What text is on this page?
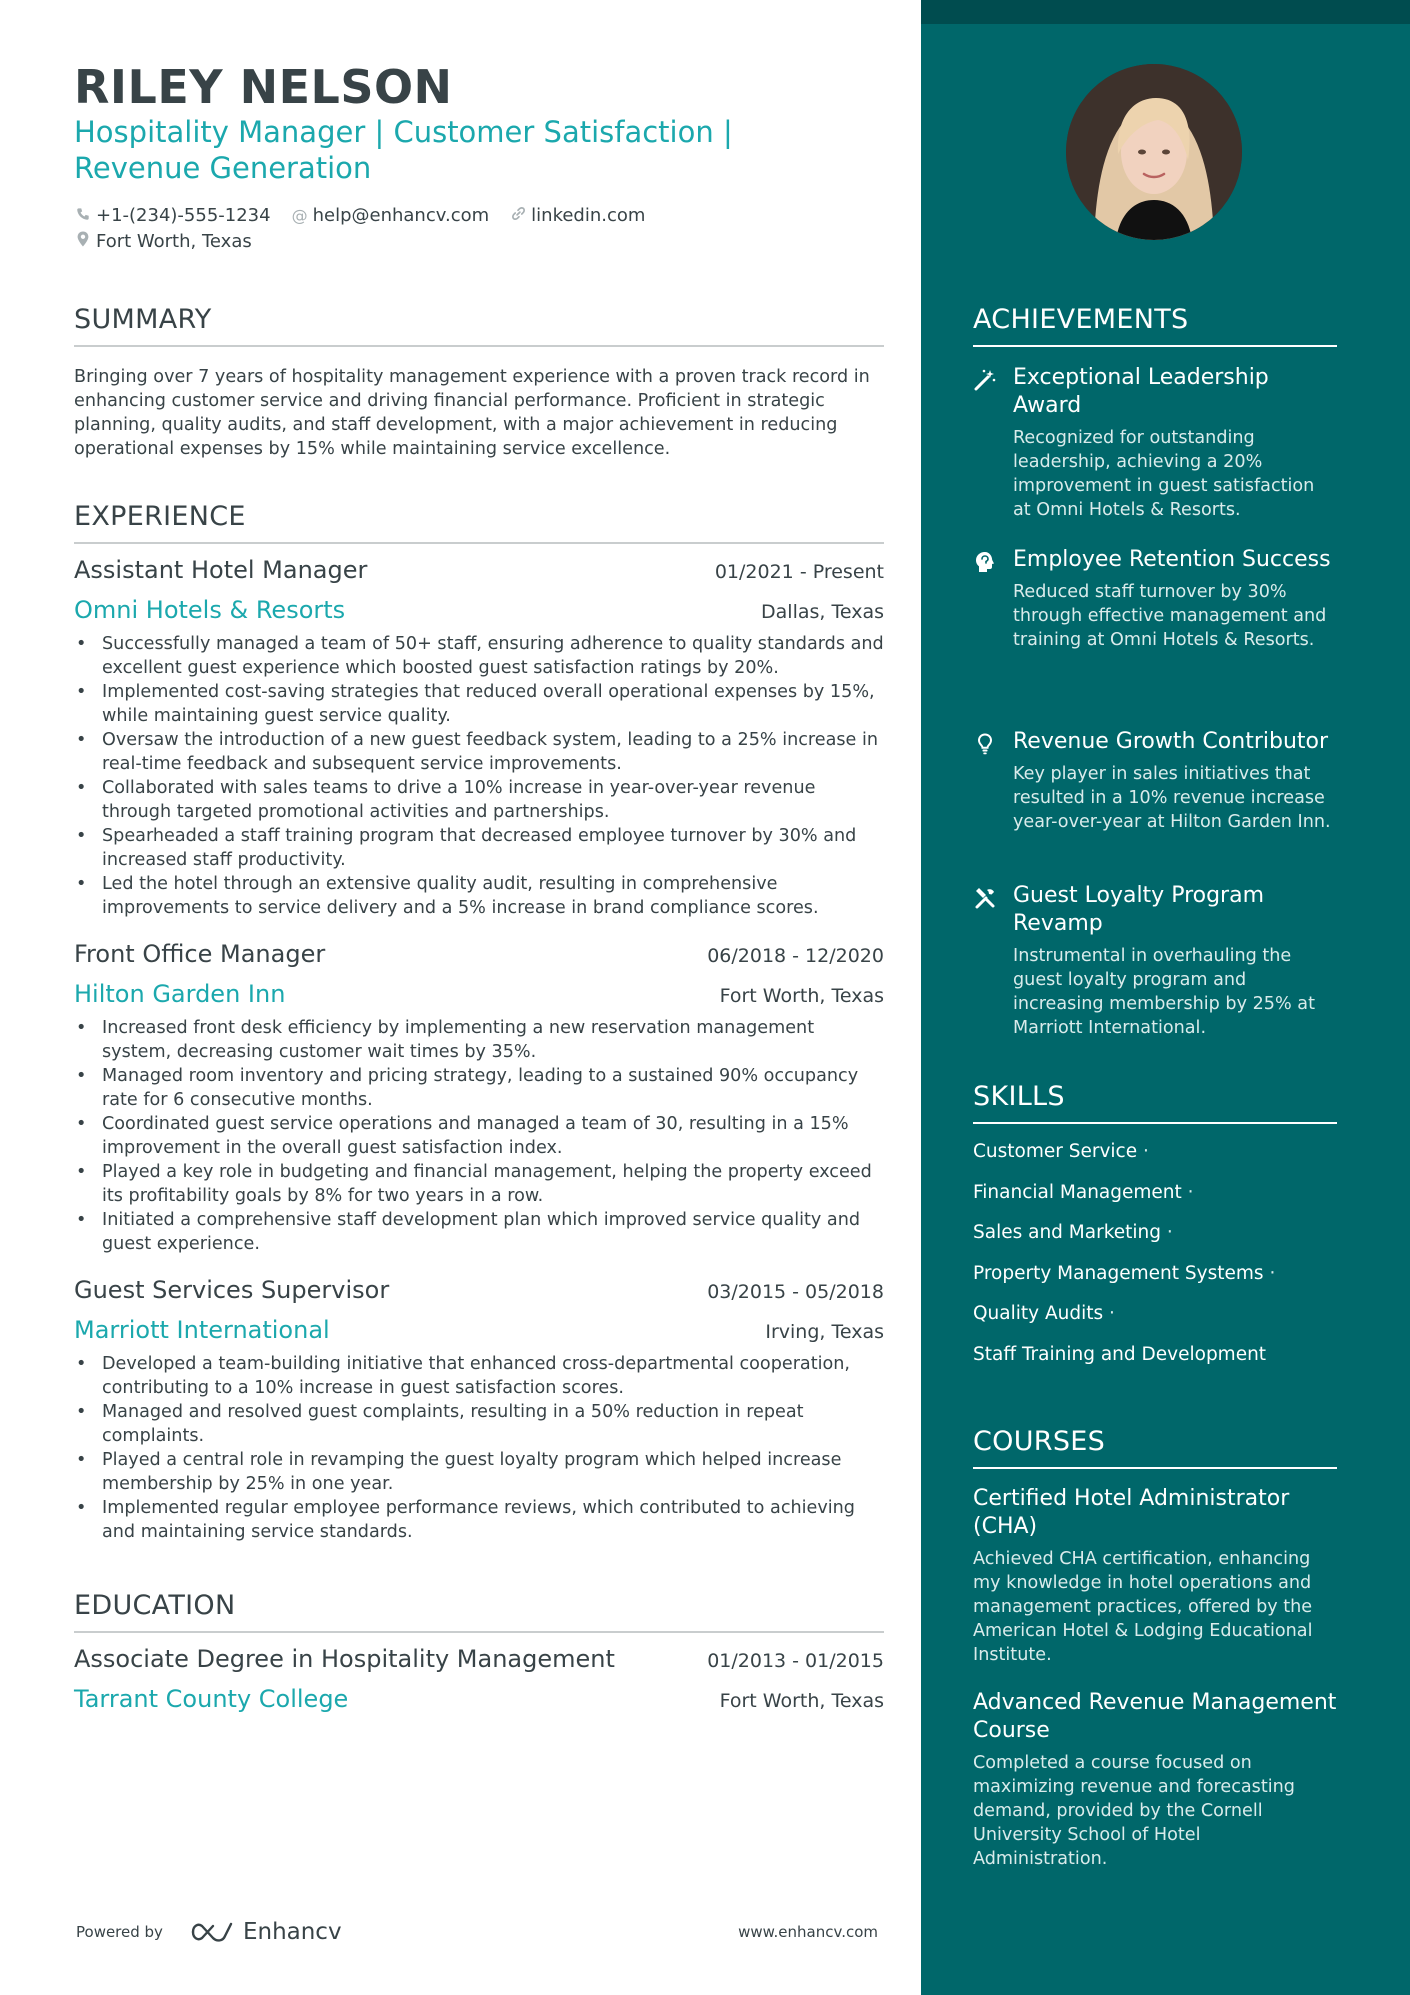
RILEY NELSON
Hospitality Manager | Customer Satisfaction | Revenue Generation
+1-(234)-555-1234 @ help@enhancv.com linkedin.com
Fort Worth, Texas
SUMMARY
Bringing over 7 years of hospitality management experience with a proven track record in enhancing customer service and driving financial performance. Proficient in strategic planning, quality audits, and staff development, with a major achievement in reducing operational expenses by 15% while maintaining service excellence.
EXPERIENCE
Assistant Hotel Manager	01/2021 - Present
Omni Hotels & Resorts	Dallas, Texas
• Successfully managed a team of 50+ staff, ensuring adherence to quality standards and excellent guest experience which boosted guest satisfaction ratings by 20%.
• Implemented cost-saving strategies that reduced overall operational expenses by 15%, while maintaining guest service quality.
• Oversaw the introduction of a new guest feedback system, leading to a 25% increase in real-time feedback and subsequent service improvements.
• Collaborated with sales teams to drive a 10% increase in year-over-year revenue through targeted promotional activities and partnerships.
• Spearheaded a staff training program that decreased employee turnover by 30% and increased staff productivity.
• Led the hotel through an extensive quality audit, resulting in comprehensive improvements to service delivery and a 5% increase in brand compliance scores.
Front Office Manager	06/2018 - 12/2020
Hilton Garden Inn	Fort Worth, Texas
• Increased front desk efficiency by implementing a new reservation management system, decreasing customer wait times by 35%.
• Managed room inventory and pricing strategy, leading to a sustained 90% occupancy rate for 6 consecutive months.
• Coordinated guest service operations and managed a team of 30, resulting in a 15% improvement in the overall guest satisfaction index.
• Played a key role in budgeting and financial management, helping the property exceed its profitability goals by 8% for two years in a row.
• Initiated a comprehensive staff development plan which improved service quality and guest experience.
Guest Services Supervisor	03/2015 - 05/2018
Marriott International	Irving, Texas
• Developed a team-building initiative that enhanced cross-departmental cooperation, contributing to a 10% increase in guest satisfaction scores.
• Managed and resolved guest complaints, resulting in a 50% reduction in repeat complaints.
• Played a central role in revamping the guest loyalty program which helped increase membership by 25% in one year.
• Implemented regular employee performance reviews, which contributed to achieving and maintaining service standards.
EDUCATION
Associate Degree in Hospitality Management	01/2013 - 01/2015
Tarrant County College	Fort Worth, Texas
Powered by	Enhancv	www.enhancv.com
ACHIEVEMENTS
Exceptional Leadership Award
Recognized for outstanding leadership, achieving a 20% improvement in guest satisfaction at Omni Hotels & Resorts.
Employee Retention Success
Reduced staff turnover by 30% through effective management and training at Omni Hotels & Resorts.
Revenue Growth Contributor
Key player in sales initiatives that resulted in a 10% revenue increase year-over-year at Hilton Garden Inn.
Guest Loyalty Program Revamp
Instrumental in overhauling the guest loyalty program and increasing membership by 25% at Marriott International.
SKILLS
Customer Service ·
Financial Management ·
Sales and Marketing ·
Property Management Systems ·
Quality Audits ·
Staff Training and Development
COURSES
Certified Hotel Administrator (CHA)
Achieved CHA certification, enhancing my knowledge in hotel operations and management practices, offered by the American Hotel & Lodging Educational Institute.
Advanced Revenue Management Course
Completed a course focused on maximizing revenue and forecasting demand, provided by the Cornell University School of Hotel Administration.
